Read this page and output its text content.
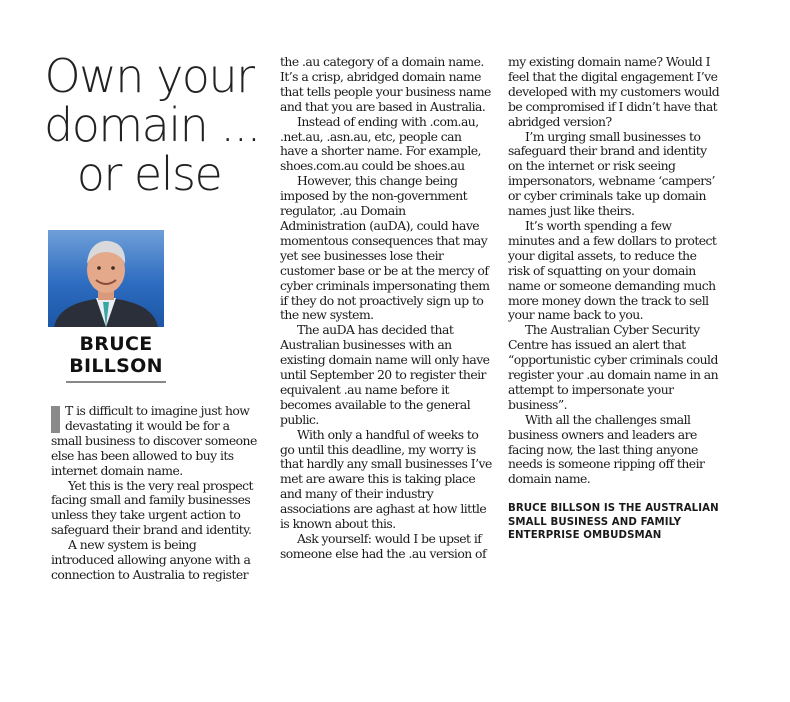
Own your
domain ...
or else
BRUCE
BILLSON

T is difficult to imagine just how devastating it would be for a small business to discover someone else has been allowed to buy its internet domain name.

Yet this is the very real prospect facing small and family businesses unless they take urgent action to safeguard their brand and identity.

A new system is being introduced allowing anyone with a connection to Australia to register

the .au category of a domain name. It’s a crisp, abridged domain name that tells people your business name and that you are based in Australia.

Instead of ending with .com.au, .net.au, .asn.au, etc, people can have a shorter name. For example, shoes.com.au could be shoes.au

However, this change being imposed by the non-government regulator, .au Domain Administration (auDA), could have momentous consequences that may yet see businesses lose their customer base or be at the mercy of cyber criminals impersonating them if they do not proactively sign up to the new system.

The auDA has decided that Australian businesses with an existing domain name will only have until September 20 to register their equivalent .au name before it becomes available to the general public.

With only a handful of weeks to go until this deadline, my worry is that hardly any small businesses I’ve met are aware this is taking place and many of their industry associations are aghast at how little is known about this.

Ask yourself: would I be upset if someone else had the .au version of

my existing domain name? Would I feel that the digital engagement I’ve developed with my customers would be compromised if I didn’t have that abridged version?

I’m urging small businesses to safeguard their brand and identity on the internet or risk seeing impersonators, webname ‘campers’ or cyber criminals take up domain names just like theirs.

It’s worth spending a few minutes and a few dollars to protect your digital assets, to reduce the risk of squatting on your domain name or someone demanding much more money down the track to sell your name back to you.

The Australian Cyber Security Centre has issued an alert that “opportunistic cyber criminals could register your .au domain name in an attempt to impersonate your business”.

With all the challenges small business owners and leaders are facing now, the last thing anyone needs is someone ripping off their domain name.

BRUCE BILLSON IS THE AUSTRALIAN SMALL BUSINESS AND FAMILY ENTERPRISE OMBUDSMAN
